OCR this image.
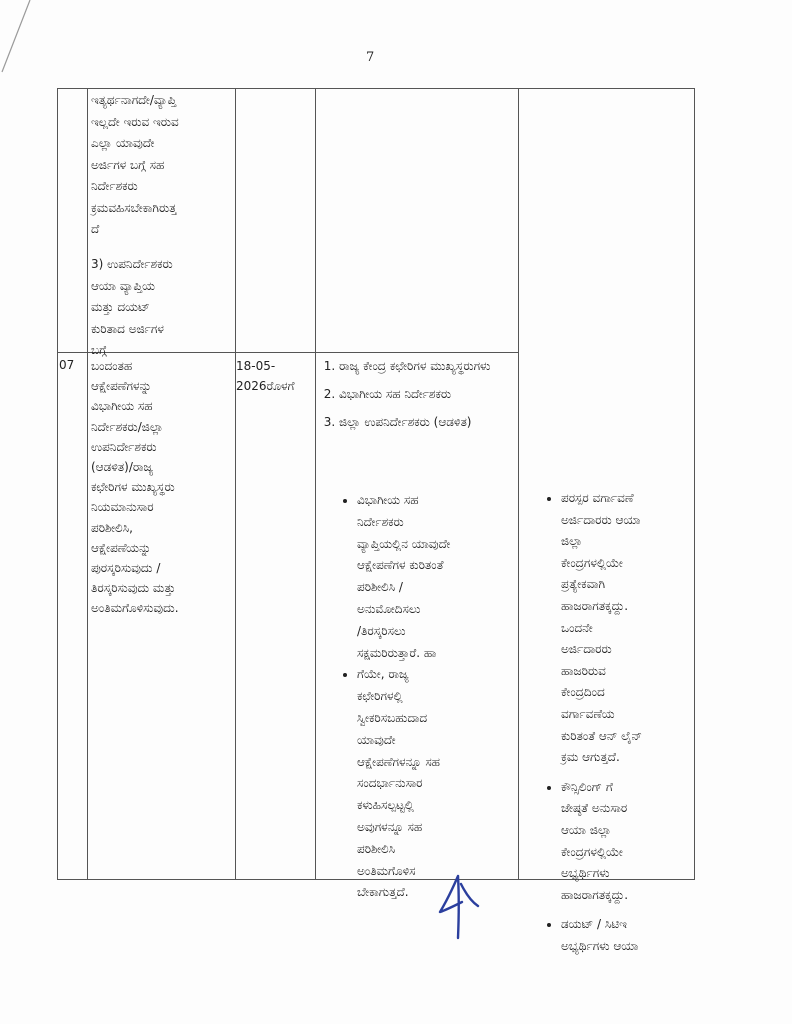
7
ಇತ್ಯರ್ಥನಾಗದೇ/ವ್ಯಾಪ್ತಿ
ಇಲ್ಲದೇ ಇರುವ ಇರುವ
ಎಲ್ಲಾ ಯಾವುದೇ
ಅರ್ಜಿಗಳ ಬಗ್ಗೆ ಸಹ
ನಿರ್ದೇಶಕರು
ಕ್ರಮವಹಿಸಬೇಕಾಗಿರುತ್ತ
ದೆ
3) ಉಪನಿರ್ದೇಶಕರು
ಆಯಾ ವ್ಯಾಪ್ತಿಯ
ಮತ್ತು ದಯಟ್
ಕುರಿತಾದ ಅರ್ಜಿಗಳ
ಬಗ್ಗೆ
07 ಬಂದಂತಹ
ಆಕ್ಷೇಪಣೆಗಳನ್ನು
ವಿಭಾಗೀಯ ಸಹ
ನಿರ್ದೇಶಕರು/ಜಿಲ್ಲಾ
ಉಪನಿರ್ದೇಶಕರು
(ಆಡಳಿತ)/ರಾಜ್ಯ
ಕಛೇರಿಗಳ ಮುಖ್ಯಸ್ಥರು
ನಿಯಮಾನುಸಾರ
ಪರಿಶೀಲಿಸಿ,
ಆಕ್ಷೇಪಣೆಯನ್ನು
ಪುರಸ್ಕರಿಸುವುದು /
ತಿರಸ್ಕರಿಸುವುದು ಮತ್ತು
ಅಂತಿಮಗೊಳಿಸುವುದು.
18-05-
2026ರೊಳಗೆ
1. ರಾಜ್ಯ ಕೇಂದ್ರ ಕಛೇರಿಗಳ ಮುಖ್ಯಸ್ಥರುಗಳು
2. ವಿಭಾಗೀಯ ಸಹ ನಿರ್ದೇಶಕರು
3. ಜಿಲ್ಲಾ ಉಪನಿರ್ದೇಶಕರು (ಆಡಳಿತ)
• ವಿಭಾಗೀಯ ಸಹ
ನಿರ್ದೇಶಕರು
ವ್ಯಾಪ್ತಿಯಲ್ಲಿನ ಯಾವುದೇ
ಆಕ್ಷೇಪಣೆಗಳ ಕುರಿತಂತೆ
ಪರಿಶೀಲಿಸಿ /
ಅನುಮೋದಿಸಲು
/ತಿರಸ್ಕರಿಸಲು
ಸಕ್ಷಮರಿರುತ್ತಾರೆ. ಹಾ
• ಗೆಯೇ, ರಾಜ್ಯ
ಕಛೇರಿಗಳಲ್ಲಿ
ಸ್ವೀಕರಿಸಬಹುದಾದ
ಯಾವುದೇ
ಆಕ್ಷೇಪಣೆಗಳನ್ನೂ ಸಹ
ಸಂದರ್ಭಾನುಸಾರ
ಕಳುಹಿಸಲ್ಪಟ್ಟಲ್ಲಿ
ಅವುಗಳನ್ನೂ ಸಹ
ಪರಿಶೀಲಿಸಿ
ಅಂತಿಮಗೊಳಿಸ
ಬೇಕಾಗುತ್ತದೆ.
• ಪರಸ್ಪರ ವರ್ಗಾವಣೆ
ಅರ್ಜಿದಾರರು ಆಯಾ
ಜಿಲ್ಲಾ
ಕೇಂದ್ರಗಳಲ್ಲಿಯೇ
ಪ್ರತ್ಯೇಕವಾಗಿ
ಹಾಜರಾಗತಕ್ಕದ್ದು.
ಒಂದನೇ
ಅರ್ಜಿದಾರರು
ಹಾಜರಿರುವ
ಕೇಂದ್ರದಿಂದ
ವರ್ಗಾವಣೆಯ
ಕುರಿತಂತೆ ಆನ್ ಲೈನ್
ಕ್ರಮ ಆಗುತ್ತದೆ.
• ಕೌನ್ಸಿಲಿಂಗ್ ಗೆ
ಜೇಷ್ಠತೆ ಅನುಸಾರ
ಆಯಾ ಜಿಲ್ಲಾ
ಕೇಂದ್ರಗಳಲ್ಲಿಯೇ
ಅಭ್ಯರ್ಥಿಗಳು
ಹಾಜರಾಗತಕ್ಕದ್ದು.
• ಡಯಟ್ / ಸಿಟಿಇ
ಅಭ್ಯರ್ಥಿಗಳು ಆಯಾ
